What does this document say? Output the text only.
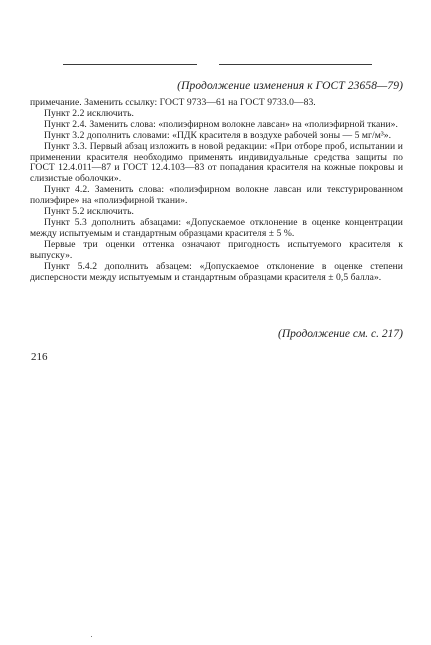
(Продолжение изменения к ГОСТ 23658—79)

примечание. Заменить ссылку: ГОСТ 9733—61 на ГОСТ 9733.0—83.

Пункт 2.2 исключить.

Пункт 2.4. Заменить слова: «полиэфирном волокне лавсан» на «полиэфирной ткани».

Пункт 3.2 дополнить словами: «ПДК красителя в воздухе рабочей зоны — 5 мг/м³».

Пункт 3.3. Первый абзац изложить в новой редакции: «При отборе проб, испытании и применении красителя необходимо применять индивидуальные средства защиты по ГОСТ 12.4.011—87 и ГОСТ 12.4.103—83 от попадания красителя на кожные покровы и слизистые оболочки».

Пункт 4.2. Заменить слова: «полиэфирном волокне лавсан или текстурированном полиэфире» на «полиэфирной ткани».

Пункт 5.2 исключить.

Пункт 5.3 дополнить абзацами: «Допускаемое отклонение в оценке концентрации между испытуемым и стандартным образцами красителя ± 5 %.

Первые три оценки оттенка означают пригодность испытуемого красителя к выпуску».

Пункт 5.4.2 дополнить абзацем: «Допускаемое отклонение в оценке степени дисперсности между испытуемым и стандартным образцами красителя ± 0,5 балла».

(Продолжение см. с. 217)
216
